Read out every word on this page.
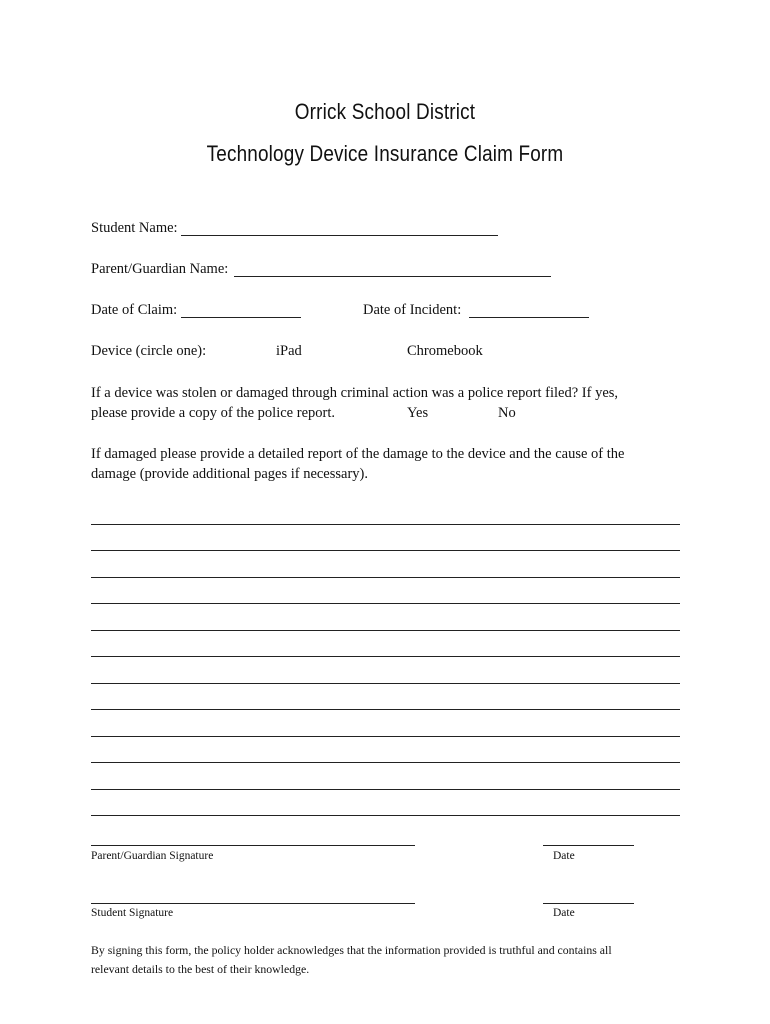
Orrick School District
Technology Device Insurance Claim Form
Student Name:
Parent/Guardian Name:
Date of Claim:	Date of Incident:
Device (circle one):	iPad	Chromebook
If a device was stolen or damaged through criminal action was a police report filed? If yes,
please provide a copy of the police report.	Yes	No
If damaged please provide a detailed report of the damage to the device and the cause of the
damage (provide additional pages if necessary).
Parent/Guardian Signature	Date
Student Signature	Date
By signing this form, the policy holder acknowledges that the information provided is truthful and contains all
relevant details to the best of their knowledge.
